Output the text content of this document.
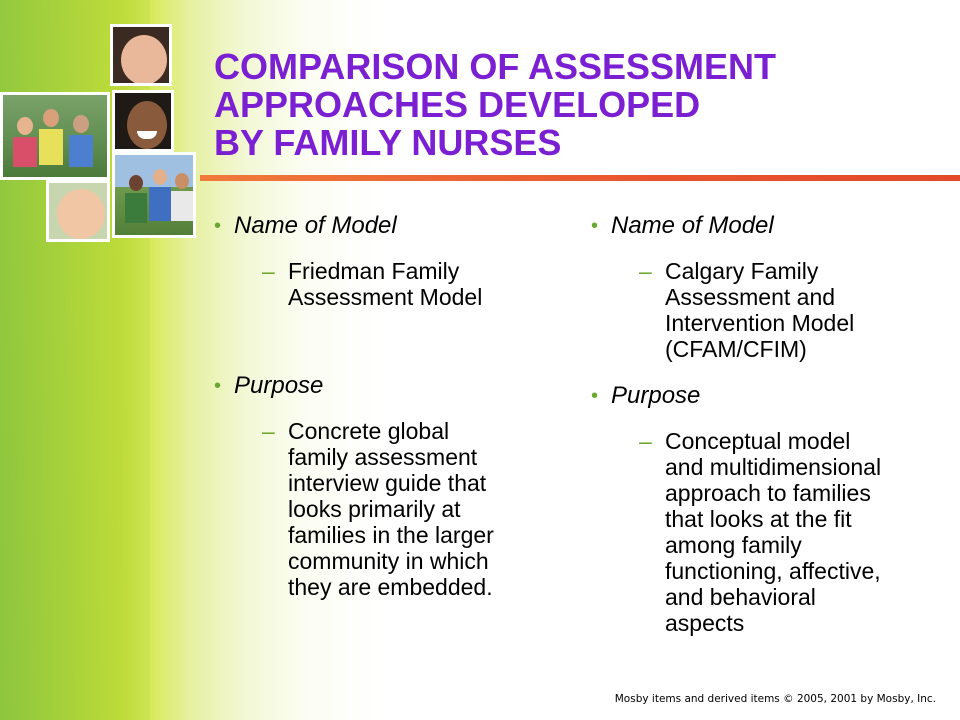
COMPARISON OF ASSESSMENT
APPROACHES DEVELOPED
BY FAMILY NURSES

• Name of Model

– Friedman Family
Assessment Model

• Purpose

– Concrete global
family assessment
interview guide that
looks primarily at
families in the larger
community in which
they are embedded.

• Name of Model

– Calgary Family
Assessment and
Intervention Model
(CFAM/CFIM)

• Purpose

– Conceptual model
and multidimensional
approach to families
that looks at the fit
among family
functioning, affective,
and behavioral
aspects

Mosby items and derived items © 2005, 2001 by Mosby, Inc.
